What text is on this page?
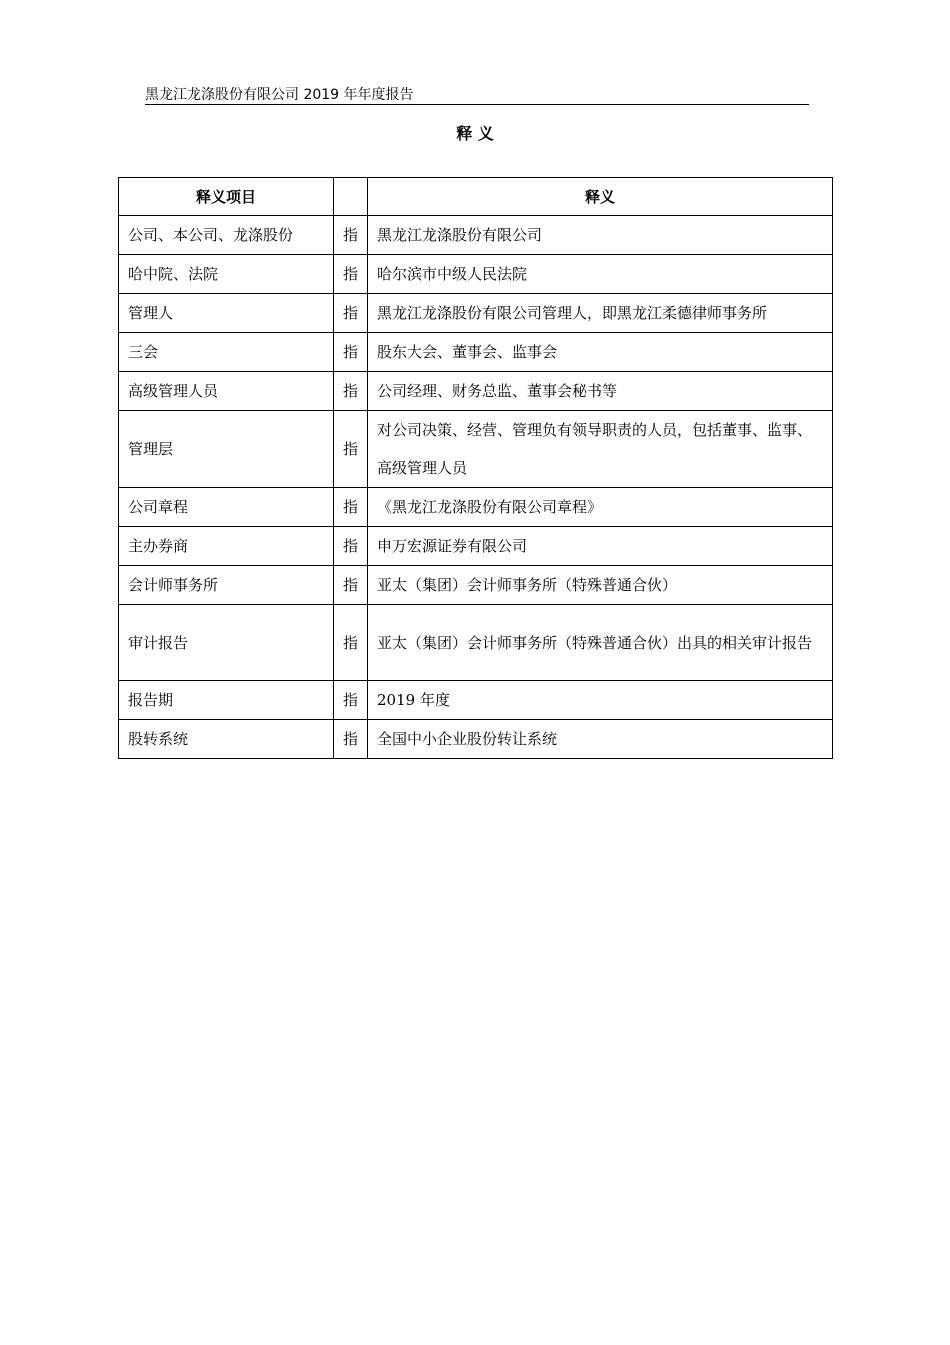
黑龙江龙涤股份有限公司 2019 年年度报告
释 义
释义项目		释义
公司、本公司、龙涤股份	指	黑龙江龙涤股份有限公司
哈中院、法院	指	哈尔滨市中级人民法院
管理人	指	黑龙江龙涤股份有限公司管理人，即黑龙江柔德律师事务所
三会	指	股东大会、董事会、监事会
高级管理人员	指	公司经理、财务总监、董事会秘书等
管理层	指	对公司决策、经营、管理负有领导职责的人员，包括董事、监事、高级管理人员
公司章程	指	《黑龙江龙涤股份有限公司章程》
主办券商	指	申万宏源证券有限公司
会计师事务所	指	亚太（集团）会计师事务所（特殊普通合伙）
审计报告	指	亚太（集团）会计师事务所（特殊普通合伙）出具的相关审计报告
报告期	指	2019 年度
股转系统	指	全国中小企业股份转让系统
